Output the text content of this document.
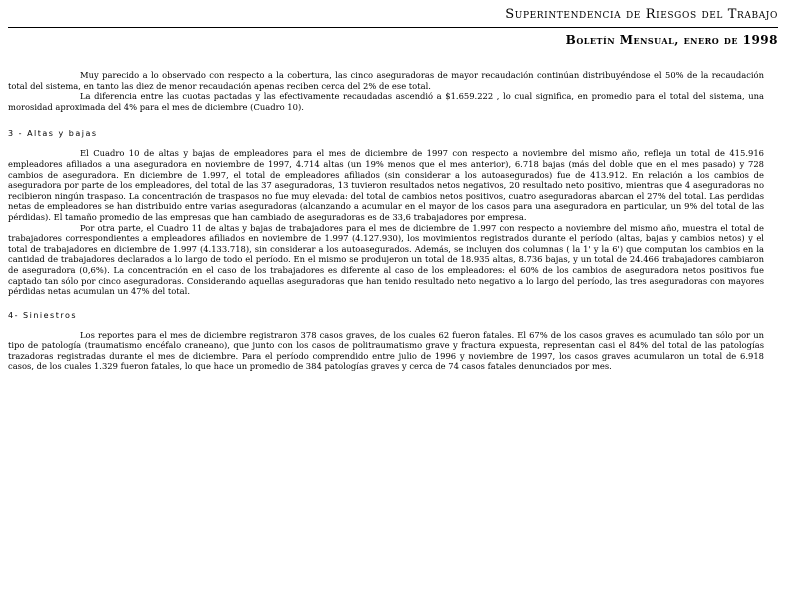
Superintendencia de Riesgos del Trabajo
Boletín Mensual, enero de 1998

Muy parecido a lo observado con respecto a la cobertura, las cinco aseguradoras de mayor recaudación continúan distribuyéndose el 50% de la recaudación total del sistema, en tanto las diez de menor recaudación apenas reciben cerca del 2% de ese total.

La diferencia entre las cuotas pactadas y las efectivamente recaudadas ascendió a $1.659.222 , lo cual significa, en promedio para el total del sistema, una morosidad aproximada del 4% para el mes de diciembre (Cuadro 10).

3 - Altas y bajas

El Cuadro 10 de altas y bajas de empleadores para el mes de diciembre de 1997 con respecto a noviembre del mismo año, refleja un total de 415.916 empleadores afiliados a una aseguradora en noviembre de 1997, 4.714 altas (un 19% menos que el mes anterior), 6.718 bajas (más del doble que en el mes pasado) y 728 cambios de aseguradora. En diciembre de 1.997, el total de empleadores afiliados (sin considerar a los autoasegurados) fue de 413.912. En relación a los cambios de aseguradora por parte de los empleadores, del total de las 37 aseguradoras, 13 tuvieron resultados netos negativos, 20 resultado neto positivo, mientras que 4 aseguradoras no recibieron ningún traspaso. La concentración de traspasos no fue muy elevada: del total de cambios netos positivos, cuatro aseguradoras abarcan el 27% del total. Las perdidas netas de empleadores se han distribuido entre varias aseguradoras (alcanzando a acumular en el mayor de los casos para una aseguradora en particular, un 9% del total de las pérdidas). El tamaño promedio de las empresas que han cambiado de aseguradoras es de 33,6 trabajadores por empresa.

Por otra parte, el Cuadro 11 de altas y bajas de trabajadores para el mes de diciembre de 1.997 con respecto a noviembre del mismo año, muestra el total de trabajadores correspondientes a empleadores afiliados en noviembre de 1.997 (4.127.930), los movimientos registrados durante el período (altas, bajas y cambios netos) y el total de trabajadores en diciembre de 1.997 (4.133.718), sin considerar a los autoasegurados. Además, se incluyen dos columnas ( la 1' y la 6') que computan los cambios en la cantidad de trabajadores declarados a lo largo de todo el período. En el mismo se produjeron un total de 18.935 altas, 8.736 bajas, y un total de 24.466 trabajadores cambiaron de aseguradora (0,6%). La concentración en el caso de los trabajadores es diferente al caso de los empleadores: el 60% de los cambios de aseguradora netos positivos fue captado tan sólo por cinco aseguradoras. Considerando aquellas aseguradoras que han tenido resultado neto negativo a lo largo del período, las tres aseguradoras con mayores pérdidas netas acumulan un 47% del total.

4- Siniestros

Los reportes para el mes de diciembre registraron 378 casos graves, de los cuales 62 fueron fatales. El 67% de los casos graves es acumulado tan sólo por un tipo de patología (traumatismo encéfalo craneano), que junto con los casos de politraumatismo grave y fractura expuesta, representan casi el 84% del total de las patologías trazadoras registradas durante el mes de diciembre. Para el período comprendido entre julio de 1996 y noviembre de 1997, los casos graves acumularon un total de 6.918 casos, de los cuales 1.329 fueron fatales, lo que hace un promedio de 384 patologías graves y cerca de 74 casos fatales denunciados por mes.
